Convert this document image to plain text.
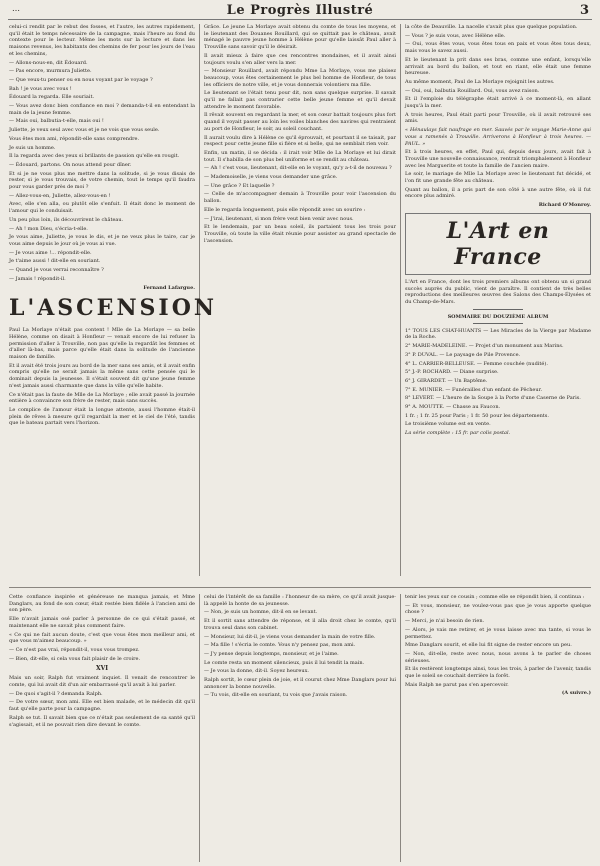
…	Le Progrès Illustré	3

celui-ci rendit par le rebut des fosses, et l'autre, les autres rapidement, qu'il était le temps nécessaire de la campagne, mais l'heure au fond du contexte pour le lecteur. Même les mots sur la lecture et dans les maisons revenus, les habitants des chemins de fer pour les jours de l'eau et les chemins,

— Allons-nous-en, dit Édouard.

— Pas encore, murmura Juliette.

— Que veux-tu penser ou en nous voyant par le voyage ?

Bah ! je vous avec vous !

Édouard la regarda. Elle souriait.

— Vous avez donc bien confiance en moi ? demanda-t-il en entendant la main de la jeune femme.

— Mais oui, balbutia-t-elle, mais oui !

Juliette, je veux seul avec vous et je ne vois que vous seule.

Vous êtes mon ami, répondit-elle sans comprendre.

Je suis un homme.

Il la regarda avec des yeux si brillants de passion qu'elle en rougit.

— Édouard, partons. On nous attend pour dîner.

Et si je ne vous plus me mettre dans la solitude, si je vous disais de rester, si je vous trouvais, de votre chemin, tout le temps qu'il faudra pour vous garder près de moi ?

— Allez-vous-en, Juliette, allez-vous-en !

Avec, elle s'en alla, ou plutôt elle s'enfuit. Il était donc le moment de l'amour qui le conduisait.

Un peu plus loin, ils découvrirent le château.

— Ah ! mon Dieu, s'écria-t-elle.

Je vous aime, Juliette, je vous le dis, et je ne veux plus le taire, car je vous aime depuis le jour où je vous ai vue.

— Je vous aime !... répondit-elle.

Je t'aime aussi ! dit-elle en souriant.

— Quand je vous verrai reconnaître ?

— Jamais ! répondit-il.

Fernand Lafargue.

L'ASCENSION

Paul La Morlaye n'était pas content ! Mlle de La Morlaye — sa belle Hélène, comme on disait à Honfleur — venait encore de lui refuser la permission d'aller à Trouville, non pas qu'elle la regardât les femmes et d'aller là-bas, mais parce qu'elle était dans la solitude de l'ancienne maison de famille.

Et il avait été trois jours au bord de la mer sans ses amis, et il avait enfin compris qu'elle ne serait jamais la même sans cette pensée qui le dominait depuis la jeunesse. Il s'était souvent dit qu'une jeune femme n'est jamais aussi charmante que dans la ville qu'elle habite.

Ce n'était pas la faute de Mlle de La Morlaye ; elle avait passé la journée entière à convaincre son frère de rester, mais sans succès.

Le complice de l'amour était la longue attente, aussi l'homme était-il plein de rêves à mesure qu'il regardait la mer et le ciel de l'été, tandis que le bateau partait vers l'horizon.

Grâce. Le jeune La Morlaye avait obtenu du comte de tous les moyens, et le lieutenant des Douanes Rouillard, qui se quittait pas le château, avait ménagé le pauvre jeune homme à Hélène pour qu'elle laissât Paul aller à Trouville sans savoir qu'il le désirait.

Il avait mieux à faire que ces rencontres mondaines, et il avait ainsi toujours voulu s'en aller vers la mer.

— Monsieur Rouillard, avait répondu Mme La Morlaye, vous me plaisez beaucoup, vous êtes certainement le plus bel homme de Honfleur, de tous les officiers de notre ville, et je vous donnerais volontiers ma fille.

Le lieutenant se l'était tenu pour dit, non sans quelque surprise. Il savait qu'il ne fallait pas contrarier cette belle jeune femme et qu'il devait attendre le moment favorable.

Il rêvait souvent en regardant la mer, et son cœur battait toujours plus fort quand il voyait passer au loin les voiles blanches des navires qui rentraient au port de Honfleur, le soir, au soleil couchant.

Il aurait voulu dire à Hélène ce qu'il éprouvait, et pourtant il se taisait, par respect pour cette jeune fille si fière et si belle, qui ne semblait rien voir.

Enfin, un matin, il se décida : il irait voir Mlle de La Morlaye et lui dirait tout. Il s'habilla de son plus bel uniforme et se rendit au château.

— Ah ! c'est vous, lieutenant, dit-elle en le voyant, qu'y a-t-il de nouveau ?

— Mademoiselle, je viens vous demander une grâce.

— Une grâce ? Et laquelle ?

— Celle de m'accompagner demain à Trouville pour voir l'ascension du ballon.

Elle le regarda longuement, puis elle répondit avec un sourire :

— J'irai, lieutenant, si mon frère veut bien venir avec nous.

Et le lendemain, par un beau soleil, ils partaient tous les trois pour Trouville, où toute la ville était réunie pour assister au grand spectacle de l'ascension.

la côte de Deauville. La nacelle s'avait plus que quelque population.

— Vous ? je suis vous, avec Hélène elle.

— Oui, vous êtes vous, vous êtes tous en paix et vous êtes tous deux, mais vous le savez aussi.

Et le lieutenant la prit dans ses bras, comme une enfant, lorsqu'elle arrivait au bord du ballon, et tout en riant, elle était une femme heureuse.

Au même moment, Paul de La Morlaye rejoignit les autres.

— Oui, oui, balbutia Rouillard. Oui, vous avez raison.

Et il l'emploie du télégraphe était arrivé à ce moment-là, en allant jusqu'à la mer.

A trois heures, Paul était parti pour Trouville, où il avait retrouvé ses amis.

« Hénaulays fait naufrage en mer. Sauvés par le voyage Marie-Anne qui vous a ramenés à Trouville. Arriverons à Honfleur à trois heures. — PAUL. »

Et à trois heures, en effet, Paul qui, depuis deux jours, avait fait à Trouville une nouvelle connaissance, rentrait triomphalement à Honfleur avec les Marguerite et toute la famille de l'ancien maire.

Le soir, le mariage de Mlle La Morlaye avec le lieutenant fut décidé, et l'on fit une grande fête au château.

Quant au ballon, il a pris part de son côté à une autre fête, où il fut encore plus admiré.

Richard O'Monroy.

L'Art en France

L'Art en France, dont les trois premiers albums ont obtenu un si grand succès auprès du public, vient de paraître. Il contient de très belles reproductions des meilleures œuvres des Salons des Champs-Élysées et du Champ-de-Mars.

SOMMAIRE DU DOUZIÈME ALBUM

1° TOUS LES CHAT-HUANTS — Les Miracles de la Vierge par Madame de la Roche.

2° MARIE-MADELEINE. — Projet d'un monument aux Marins.

3° P. DUVAL. — Le paysage de Pile Provence.

4° L. CARRIER-BELLEUSE. — Femme couchée (nudité).

5° J.-P. ROCHARD. — Diane surprise.

6° J. GIRARDET. — Un Baptême.

7° E. MUNIER. — Funérailles d'un enfant de Pêcheur.

8° LEVERT. — L'heure de la Soupe à la Porte d'une Caserne de Paris.

9° A. MOUTTE. — Chasse au Faucon.

1 fr. ; 1 fr. 25 pour Paris ; 1 fr. 50 pour les départements.

Le troisième volume est en vente.

La série complète : 15 fr. par colis postal.

Cette confiance inspirée et généreuse ne manqua jamais, et Mme Danglars, au fond de son cœur, était restée bien fidèle à l'ancien ami de son père.

Elle n'avait jamais osé parler à personne de ce qui s'était passé, et maintenant elle ne savait plus comment faire.

« Ce qui ne fait aucun doute, c'est que vous êtes mon meilleur ami, et que vous m'aimez beaucoup. »

— Ce n'est pas vrai, répondit-il, vous vous trompez.

— Bien, dit-elle, si cela vous fait plaisir de le croire.

XVI

Mais un soir, Ralph fut vraiment inquiet. Il venait de rencontrer le comte, qui lui avait dit d'un air embarrassé qu'il avait à lui parler.

— De quoi s'agit-il ? demanda Ralph.

— De votre sœur, mon ami. Elle est bien malade, et le médecin dit qu'il faut qu'elle parte pour la campagne.

Ralph se tut. Il savait bien que ce n'était pas seulement de sa santé qu'il s'agissait, et il ne pouvait rien dire devant le comte.

celui de l'intérêt de sa famille : l'honneur de sa mère, ce qu'il avait jusque-là appelé la honte de sa jeunesse.

— Non, je suis un homme, dit-il en se levant.

Et il sortit sans attendre de réponse, et il alla droit chez le comte, qu'il trouva seul dans son cabinet.

— Monsieur, lui dit-il, je viens vous demander la main de votre fille.

— Ma fille ! s'écria le comte. Vous n'y pensez pas, mon ami.

— J'y pense depuis longtemps, monsieur, et je l'aime.

Le comte resta un moment silencieux, puis il lui tendit la main.

— Je vous la donne, dit-il. Soyez heureux.

Ralph sortit, le cœur plein de joie, et il courut chez Mme Danglars pour lui annoncer la bonne nouvelle.

— Tu vois, dit-elle en souriant, tu vois que j'avais raison.

tenir les yeux sur ce cousin ; comme elle se répondit bien, il continua :

— Et vous, monsieur, ne voulez-vous pas que je vous apporte quelque chose ?

— Merci, je n'ai besoin de rien.

— Alors, je vais me retirer, et je vous laisse avec ma tante, si vous le permettez.

Mme Danglars sourit, et elle lui fit signe de rester encore un peu.

— Non, dit-elle, reste avec nous, nous avons à te parler de choses sérieuses.

Et ils restèrent longtemps ainsi, tous les trois, à parler de l'avenir, tandis que le soleil se couchait derrière la forêt.

Mais Ralph ne parut pas s'en apercevoir.

(A suivre.)
